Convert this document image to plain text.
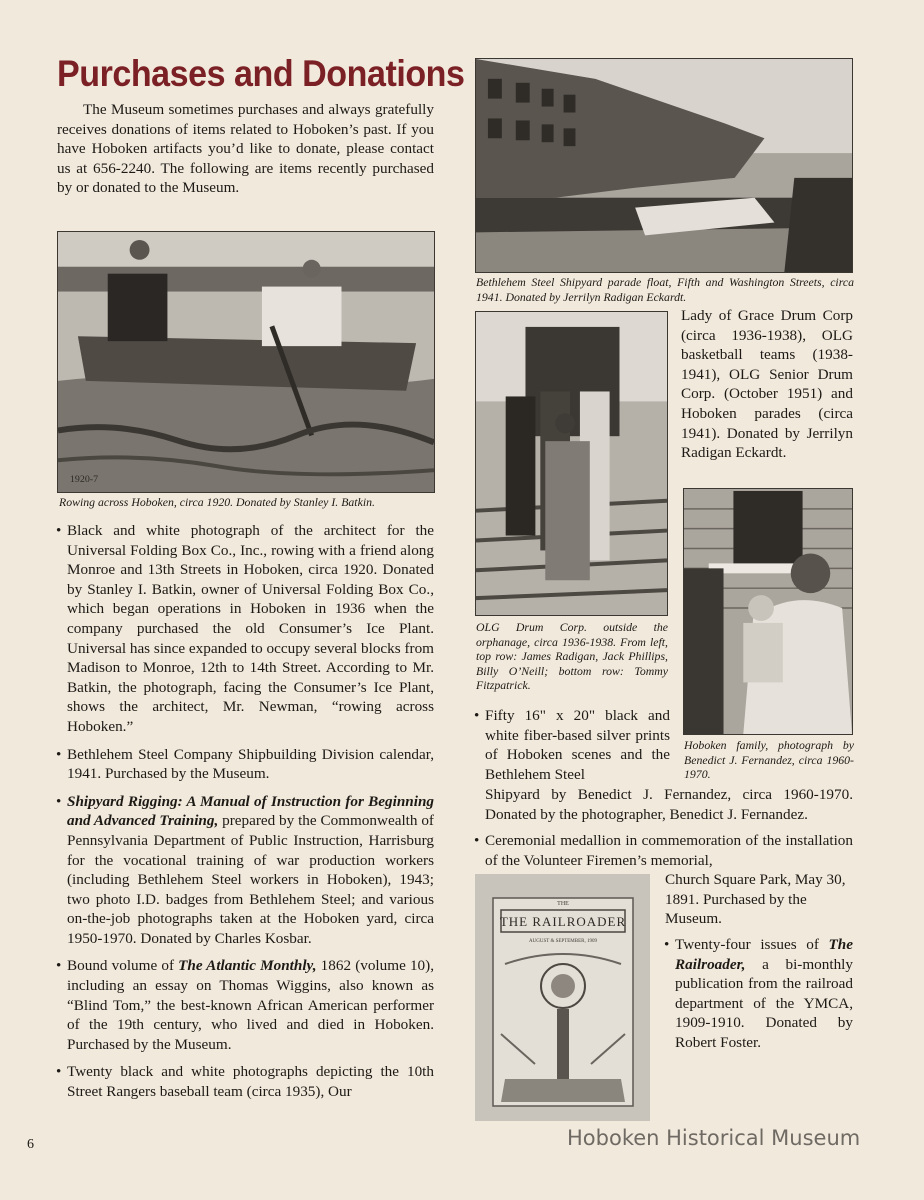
Purchases and Donations

The Museum sometimes purchases and always gratefully receives donations of items related to Hoboken’s past. If you have Hoboken artifacts you’d like to donate, please contact us at 656-2240. The following are items recently purchased by or donated to the Museum.

1920-7

Rowing across Hoboken, circa 1920. Donated by Stanley I. Batkin.

• Black and white photograph of the architect for the Universal Folding Box Co., Inc., rowing with a friend along Monroe and 13th Streets in Hoboken, circa 1920. Donated by Stanley I. Batkin, owner of Universal Folding Box Co., which began operations in Hoboken in 1936 when the company purchased the old Consumer’s Ice Plant. Universal has since expanded to occupy several blocks from Madison to Monroe, 12th to 14th Street. According to Mr. Batkin, the photograph, facing the Consumer’s Ice Plant, shows the architect, Mr. Newman, “rowing across Hoboken.”
• Bethlehem Steel Company Shipbuilding Division calendar, 1941. Purchased by the Museum.
• Shipyard Rigging: A Manual of Instruction for Beginning and Advanced Training, prepared by the Commonwealth of Pennsylvania Department of Public Instruction, Harrisburg for the vocational training of war production workers (including Bethlehem Steel workers in Hoboken), 1943; two photo I.D. badges from Bethlehem Steel; and various on-the-job photographs taken at the Hoboken yard, circa 1950-1970. Donated by Charles Kosbar.
• Bound volume of The Atlantic Monthly, 1862 (volume 10), including an essay on Thomas Wiggins, also known as “Blind Tom,” the best-known African American performer of the 19th century, who lived and died in Hoboken. Purchased by the Museum.
• Twenty black and white photographs depicting the 10th Street Rangers baseball team (circa 1935), Our

Bethlehem Steel Shipyard parade float, Fifth and Washington Streets, circa 1941. Donated by Jerrilyn Radigan Eckardt.

OLG Drum Corp. outside the orphanage, circa 1936-1938. From left, top row: James Radigan, Jack Phillips, Billy O’Neill; bottom row: Tommy Fitzpatrick.

Lady of Grace Drum Corp (circa 1936-1938), OLG basketball teams (1938-1941), OLG Senior Drum Corp. (October 1951) and Hoboken parades (circa 1941). Donated by Jerrilyn Radigan Eckardt.

Hoboken family, photograph by Benedict J. Fernandez, circa 1960-1970.

• Fifty 16" x 20" black and white fiber-based silver prints of Hoboken scenes and the Bethlehem Steel

Shipyard by Benedict J. Fernandez, circa 1960-1970. Donated by the photographer, Benedict J. Fernandez.

• Ceremonial medallion in commemoration of the installation of the Volunteer Firemen’s memorial,

Church Square Park, May 30, 1891. Purchased by the Museum.

THE
THE RAILROADER
AUGUST & SEPTEMBER, 1909
•	Twenty-four issues of The Railroader, a bi-monthly publication from the railroad department of the YMCA, 1909-1910. Donated by Robert Foster.
6	Hoboken Historical Museum
